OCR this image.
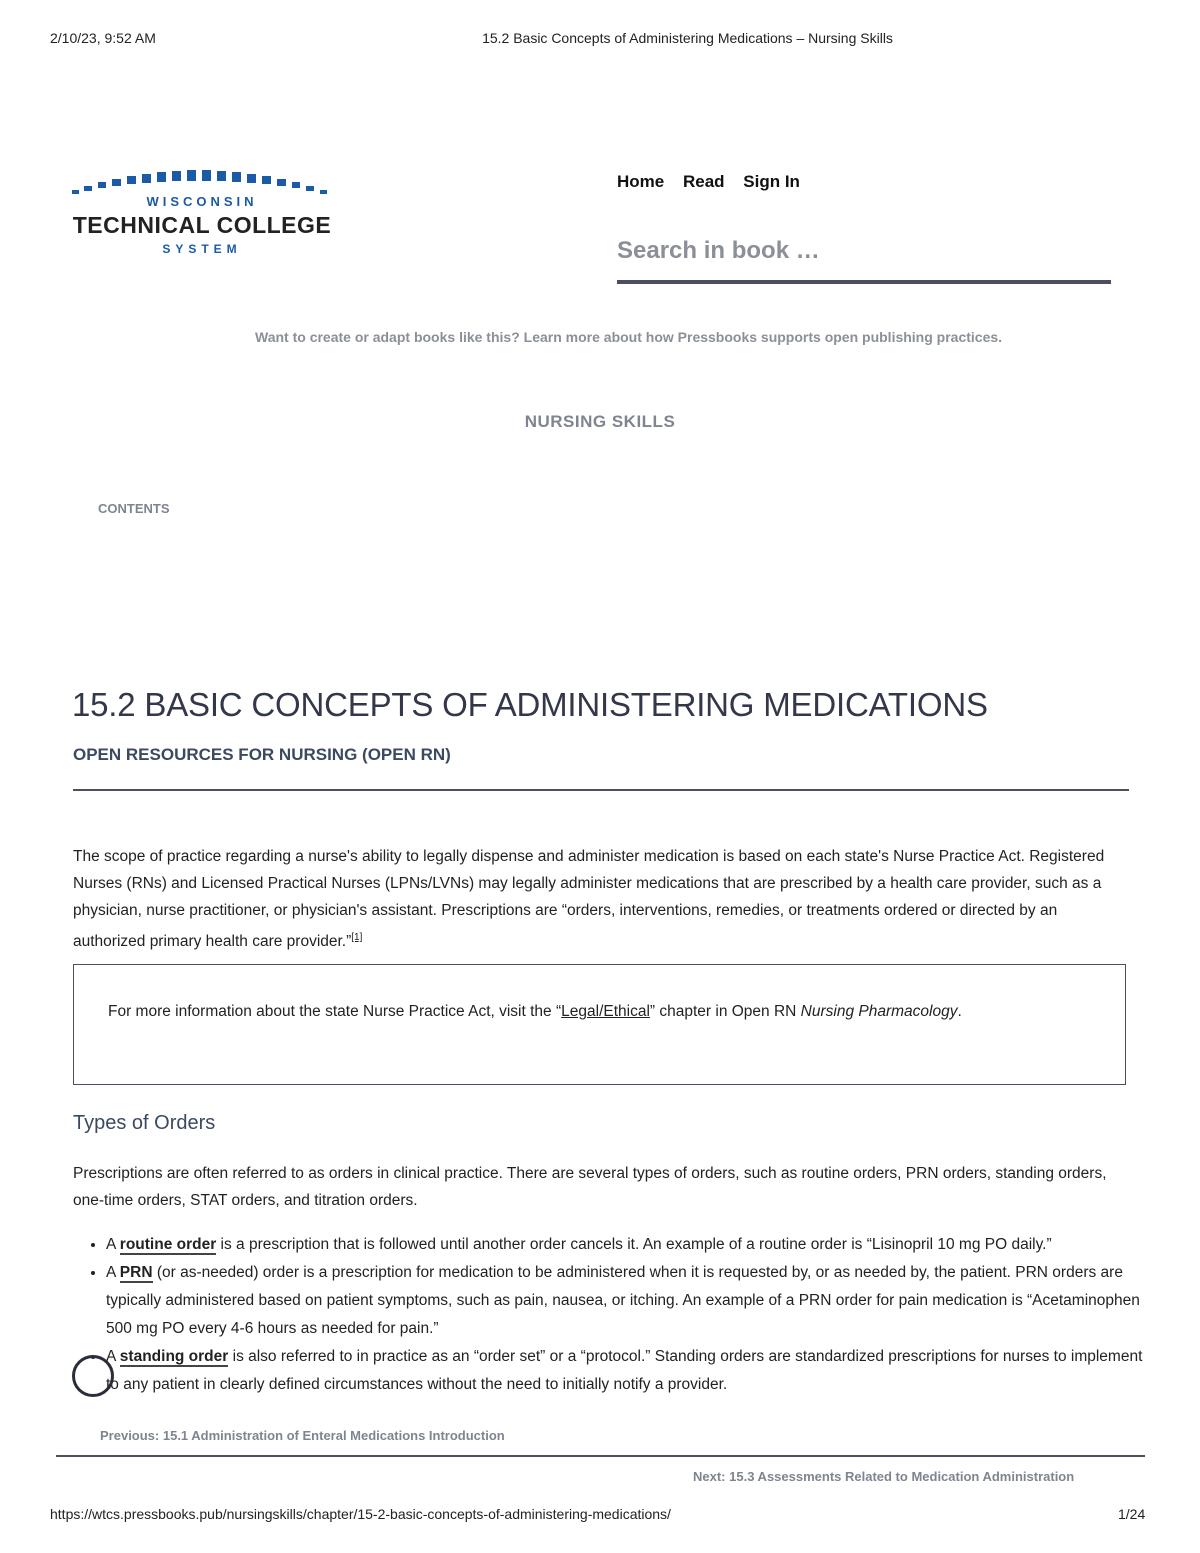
2/10/23, 9:52 AM	15.2 Basic Concepts of Administering Medications – Nursing Skills
WISCONSIN
TECHNICAL COLLEGE
SYSTEM
Home Read Sign In
Search in book …
Want to create or adapt books like this? Learn more about how Pressbooks supports open publishing practices.
NURSING SKILLS
CONTENTS
15.2 BASIC CONCEPTS OF ADMINISTERING MEDICATIONS
OPEN RESOURCES FOR NURSING (OPEN RN)
The scope of practice regarding a nurse's ability to legally dispense and administer medication is based on each state's Nurse Practice Act. Registered Nurses (RNs) and Licensed Practical Nurses (LPNs/LVNs) may legally administer medications that are prescribed by a health care provider, such as a physician, nurse practitioner, or physician's assistant. Prescriptions are “orders, interventions, remedies, or treatments ordered or directed by an authorized primary health care provider.”[1]

For more information about the state Nurse Practice Act, visit the “Legal/Ethical” chapter in Open RN Nursing Pharmacology.

Types of Orders
Prescriptions are often referred to as orders in clinical practice. There are several types of orders, such as routine orders, PRN orders, standing orders, one-time orders, STAT orders, and titration orders.
• A routine order is a prescription that is followed until another order cancels it. An example of a routine order is “Lisinopril 10 mg PO daily.”
• A PRN (or as-needed) order is a prescription for medication to be administered when it is requested by, or as needed by, the patient. PRN orders are typically administered based on patient symptoms, such as pain, nausea, or itching. An example of a PRN order for pain medication is “Acetaminophen 500 mg PO every 4-6 hours as needed for pain.”
• A standing order is also referred to in practice as an “order set” or a “protocol.” Standing orders are standardized prescriptions for nurses to implement to any patient in clearly defined circumstances without the need to initially notify a provider.
Previous: 15.1 Administration of Enteral Medications Introduction
Next: 15.3 Assessments Related to Medication Administration
https://wtcs.pressbooks.pub/nursingskills/chapter/15-2-basic-concepts-of-administering-medications/	1/24
